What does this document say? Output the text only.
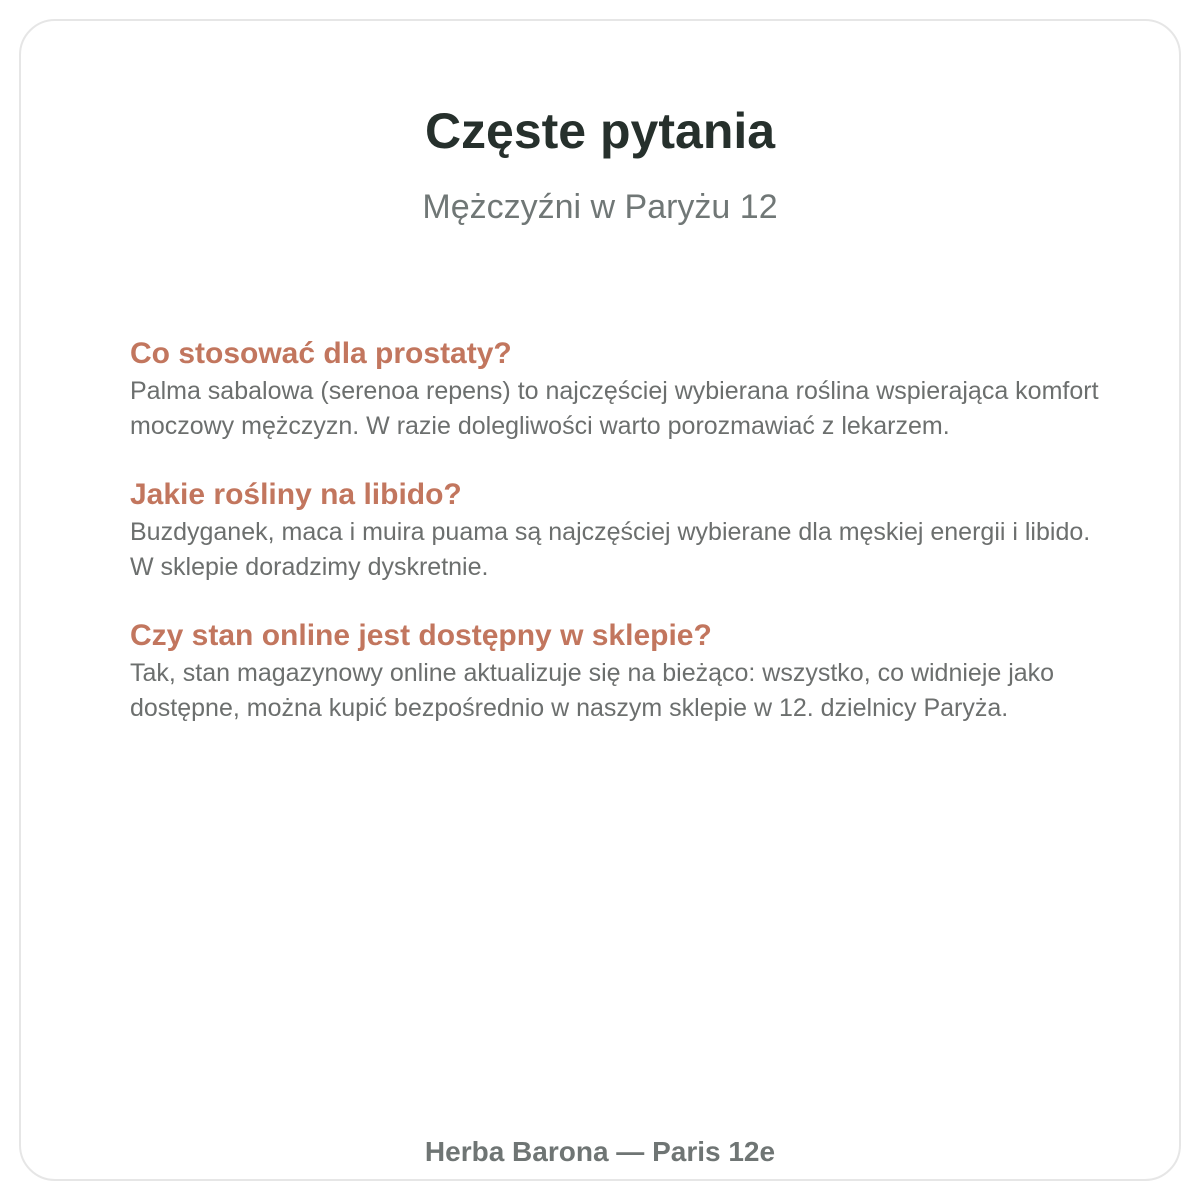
Częste pytania

Mężczyźni w Paryżu 12

Co stosować dla prostaty?

Palma sabalowa (serenoa repens) to najczęściej wybierana roślina wspierająca komfort moczowy mężczyzn. W razie dolegliwości warto porozmawiać z lekarzem.

Jakie rośliny na libido?

Buzdyganek, maca i muira puama są najczęściej wybierane dla męskiej energii i libido. W sklepie doradzimy dyskretnie.

Czy stan online jest dostępny w sklepie?

Tak, stan magazynowy online aktualizuje się na bieżąco: wszystko, co widnieje jako dostępne, można kupić bezpośrednio w naszym sklepie w 12. dzielnicy Paryża.

Herba Barona — Paris 12e
